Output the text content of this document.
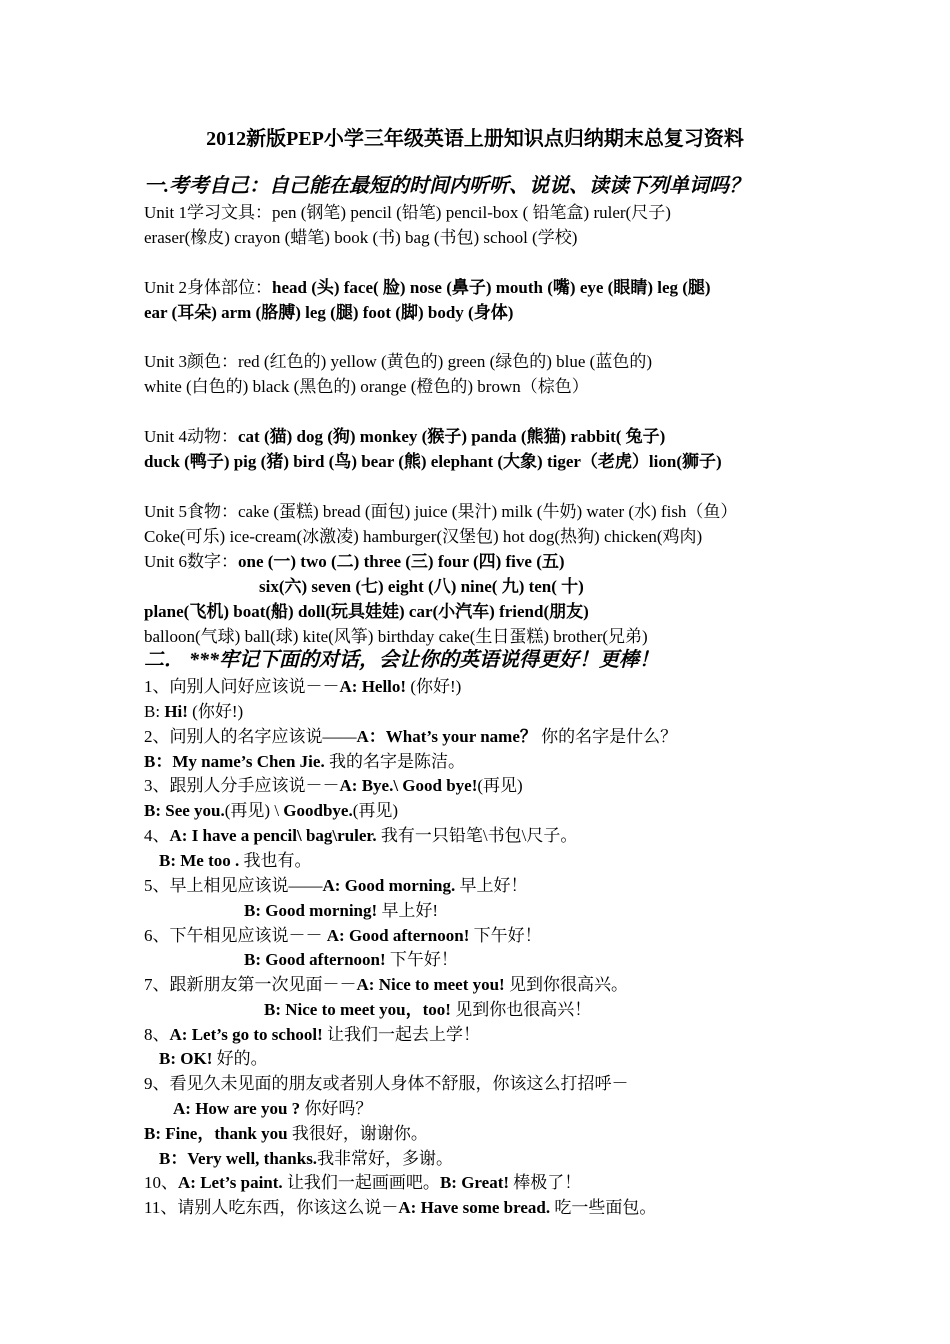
2012新版PEP小学三年级英语上册知识点归纳期末总复习资料
一.考考自己：自己能在最短的时间内听听、说说、读读下列单词吗？
Unit 1学习文具：pen (钢笔) pencil (铅笔) pencil-box ( 铅笔盒) ruler(尺子)
eraser(橡皮) crayon (蜡笔) book (书) bag (书包) school (学校)
Unit 2身体部位：head (头) face( 脸) nose (鼻子) mouth (嘴) eye (眼睛) leg (腿)
ear (耳朵) arm (胳膊) leg (腿) foot (脚) body (身体)
Unit 3颜色：red (红色的) yellow (黄色的) green (绿色的) blue (蓝色的)
white (白色的) black (黑色的) orange (橙色的) brown（棕色）
Unit 4动物：cat (猫) dog (狗) monkey (猴子) panda (熊猫) rabbit( 兔子)
duck (鸭子) pig (猪) bird (鸟) bear (熊) elephant (大象) tiger（老虎）lion(狮子)
Unit 5食物：cake (蛋糕) bread (面包) juice (果汁) milk (牛奶) water (水) fish（鱼）
Coke(可乐) ice-cream(冰激凌) hamburger(汉堡包) hot dog(热狗) chicken(鸡肉)
Unit 6数字：one (一) two (二) three (三) four (四) five (五)
six(六) seven (七) eight (八) nine( 九) ten( 十)
plane(飞机) boat(船) doll(玩具娃娃) car(小汽车) friend(朋友)
balloon(气球) ball(球) kite(风筝) birthday cake(生日蛋糕) brother(兄弟)
二． ***牢记下面的对话，会让你的英语说得更好！更棒！
1、向别人问好应该说－－A: Hello! (你好!)
B: Hi! (你好!)
2、问别人的名字应该说——A：What’s your name？ 你的名字是什么？
B：My name’s Chen Jie. 我的名字是陈洁。
3、跟别人分手应该说－－A: Bye.\ Good bye!(再见)
B: See you.(再见) \ Goodbye.(再见)
4、A: I have a pencil\ bag\ruler. 我有一只铅笔\书包\尺子。
B: Me too . 我也有。
5、早上相见应该说——A: Good morning. 早上好！
B: Good morning! 早上好!
6、下午相见应该说－－ A: Good afternoon! 下午好！
B: Good afternoon! 下午好！
7、跟新朋友第一次见面－－A: Nice to meet you! 见到你很高兴。
B: Nice to meet you，too! 见到你也很高兴！
8、A: Let’s go to school! 让我们一起去上学！
B: OK! 好的。
9、看见久未见面的朋友或者别人身体不舒服，你该这么打招呼－
A: How are you ? 你好吗？
B: Fine，thank you 我很好，谢谢你。
B：Very well, thanks.我非常好，多谢。
10、A: Let’s paint. 让我们一起画画吧。B: Great! 棒极了！
11、请别人吃东西，你该这么说－A: Have some bread. 吃一些面包。
